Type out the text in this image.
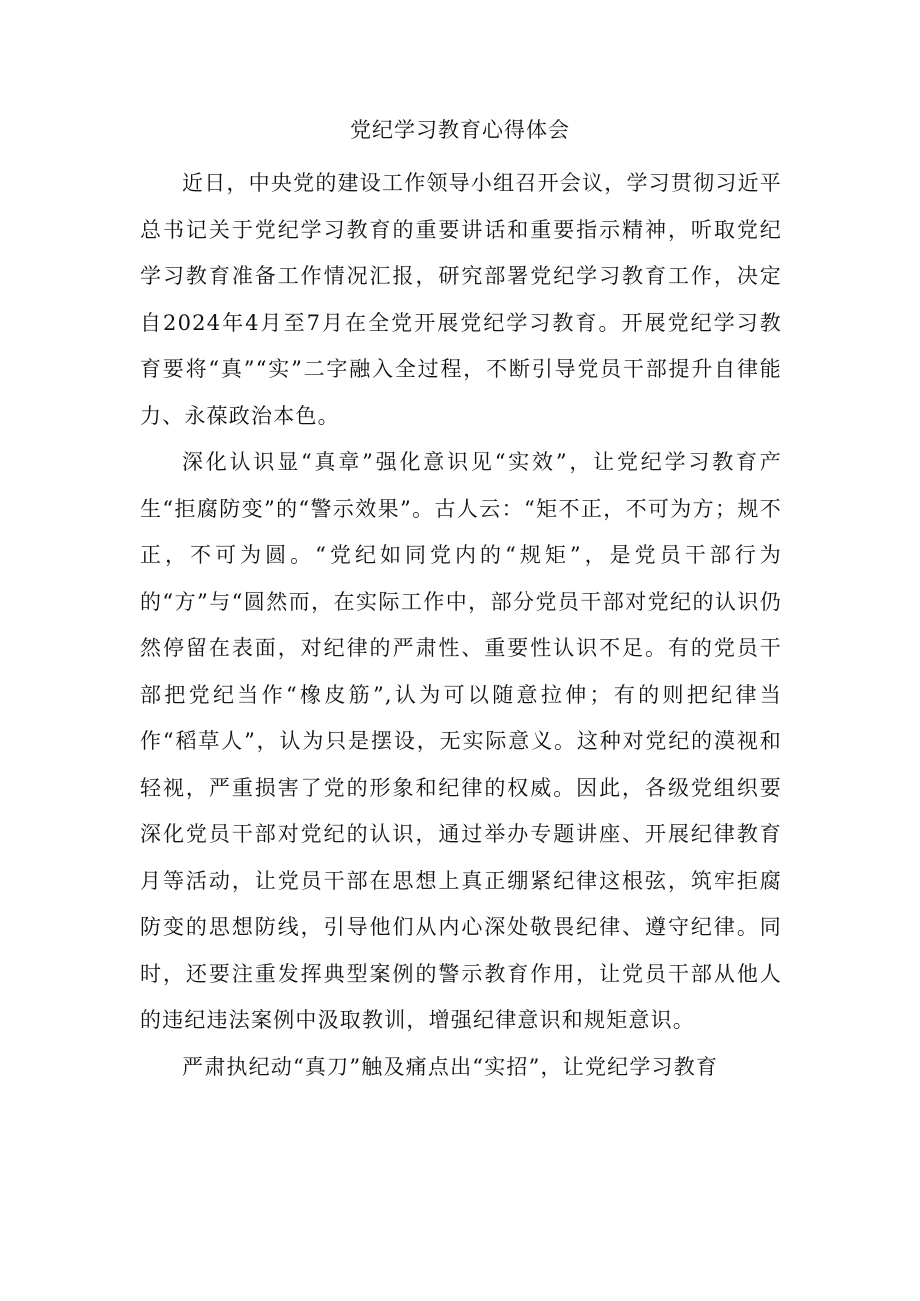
党纪学习教育心得体会

近日，中央党的建设工作领导小组召开会议，学习贯彻习近平总书记关于党纪学习教育的重要讲话和重要指示精神，听取党纪学习教育准备工作情况汇报，研究部署党纪学习教育工作，决定自2024年4月至7月在全党开展党纪学习教育。开展党纪学习教育要将“真”“实”二字融入全过程，不断引导党员干部提升自律能力、永葆政治本色。

深化认识显“真章”强化意识见“实效”，让党纪学习教育产生“拒腐防变”的“警示效果”。古人云：“矩不正，不可为方；规不正，不可为圆。“党纪如同党内的“规矩”，是党员干部行为的“方”与“圆然而，在实际工作中，部分党员干部对党纪的认识仍然停留在表面，对纪律的严肃性、重要性认识不足。有的党员干部把党纪当作“橡皮筋”,认为可以随意拉伸；有的则把纪律当作“稻草人”，认为只是摆设，无实际意义。这种对党纪的漠视和轻视，严重损害了党的形象和纪律的权威。因此，各级党组织要深化党员干部对党纪的认识，通过举办专题讲座、开展纪律教育月等活动，让党员干部在思想上真正绷紧纪律这根弦，筑牢拒腐防变的思想防线，引导他们从内心深处敬畏纪律、遵守纪律。同时，还要注重发挥典型案例的警示教育作用，让党员干部从他人的违纪违法案例中汲取教训，增强纪律意识和规矩意识。

严肃执纪动“真刀”触及痛点出“实招”，让党纪学习教育
